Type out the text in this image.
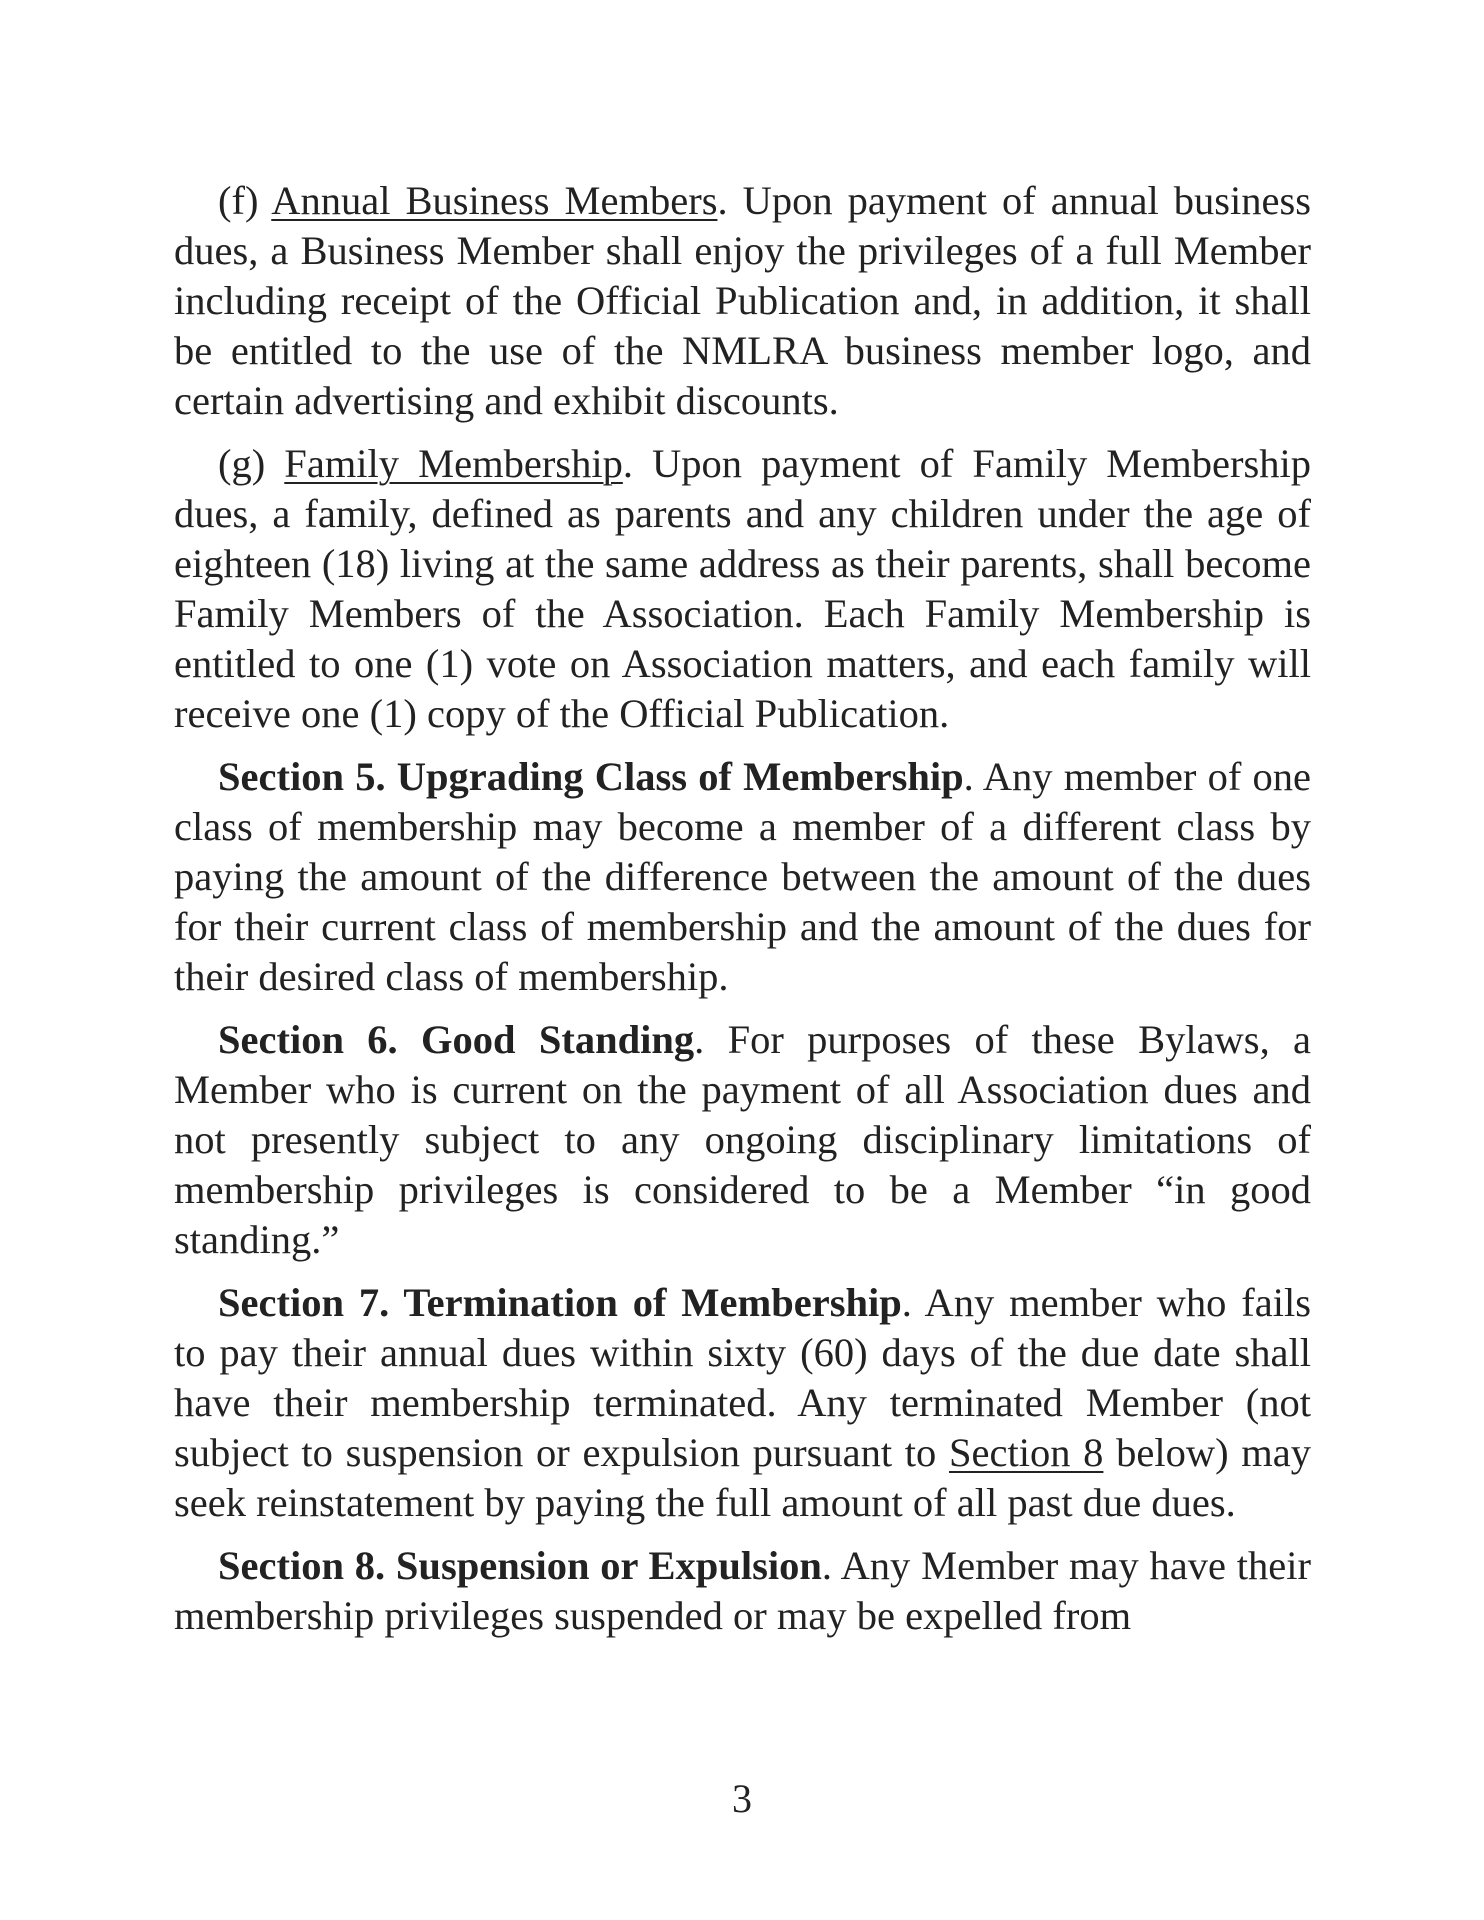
(f) Annual Business Members. Upon payment of annual business dues, a Business Member shall enjoy the privileges of a full Member including receipt of the Official Publication and, in addition, it shall be entitled to the use of the NMLRA business member logo, and certain advertising and exhibit discounts.

(g) Family Membership. Upon payment of Family Membership dues, a family, defined as parents and any children under the age of eighteen (18) living at the same address as their parents, shall become Family Members of the Association. Each Family Membership is entitled to one (1) vote on Association matters, and each family will receive one (1) copy of the Official Publication.

Section 5. Upgrading Class of Membership. Any member of one class of membership may become a member of a different class by paying the amount of the difference between the amount of the dues for their current class of membership and the amount of the dues for their desired class of membership.

Section 6. Good Standing. For purposes of these Bylaws, a Member who is current on the payment of all Association dues and not presently subject to any ongoing disciplinary limitations of membership privileges is considered to be a Member “in good standing.”

Section 7. Termination of Membership. Any member who fails to pay their annual dues within sixty (60) days of the due date shall have their membership terminated. Any terminated Member (not subject to suspension or expulsion pursuant to Section 8 below) may seek reinstatement by paying the full amount of all past due dues.

Section 8. Suspension or Expulsion. Any Member may have their membership privileges suspended or may be expelled from

3
